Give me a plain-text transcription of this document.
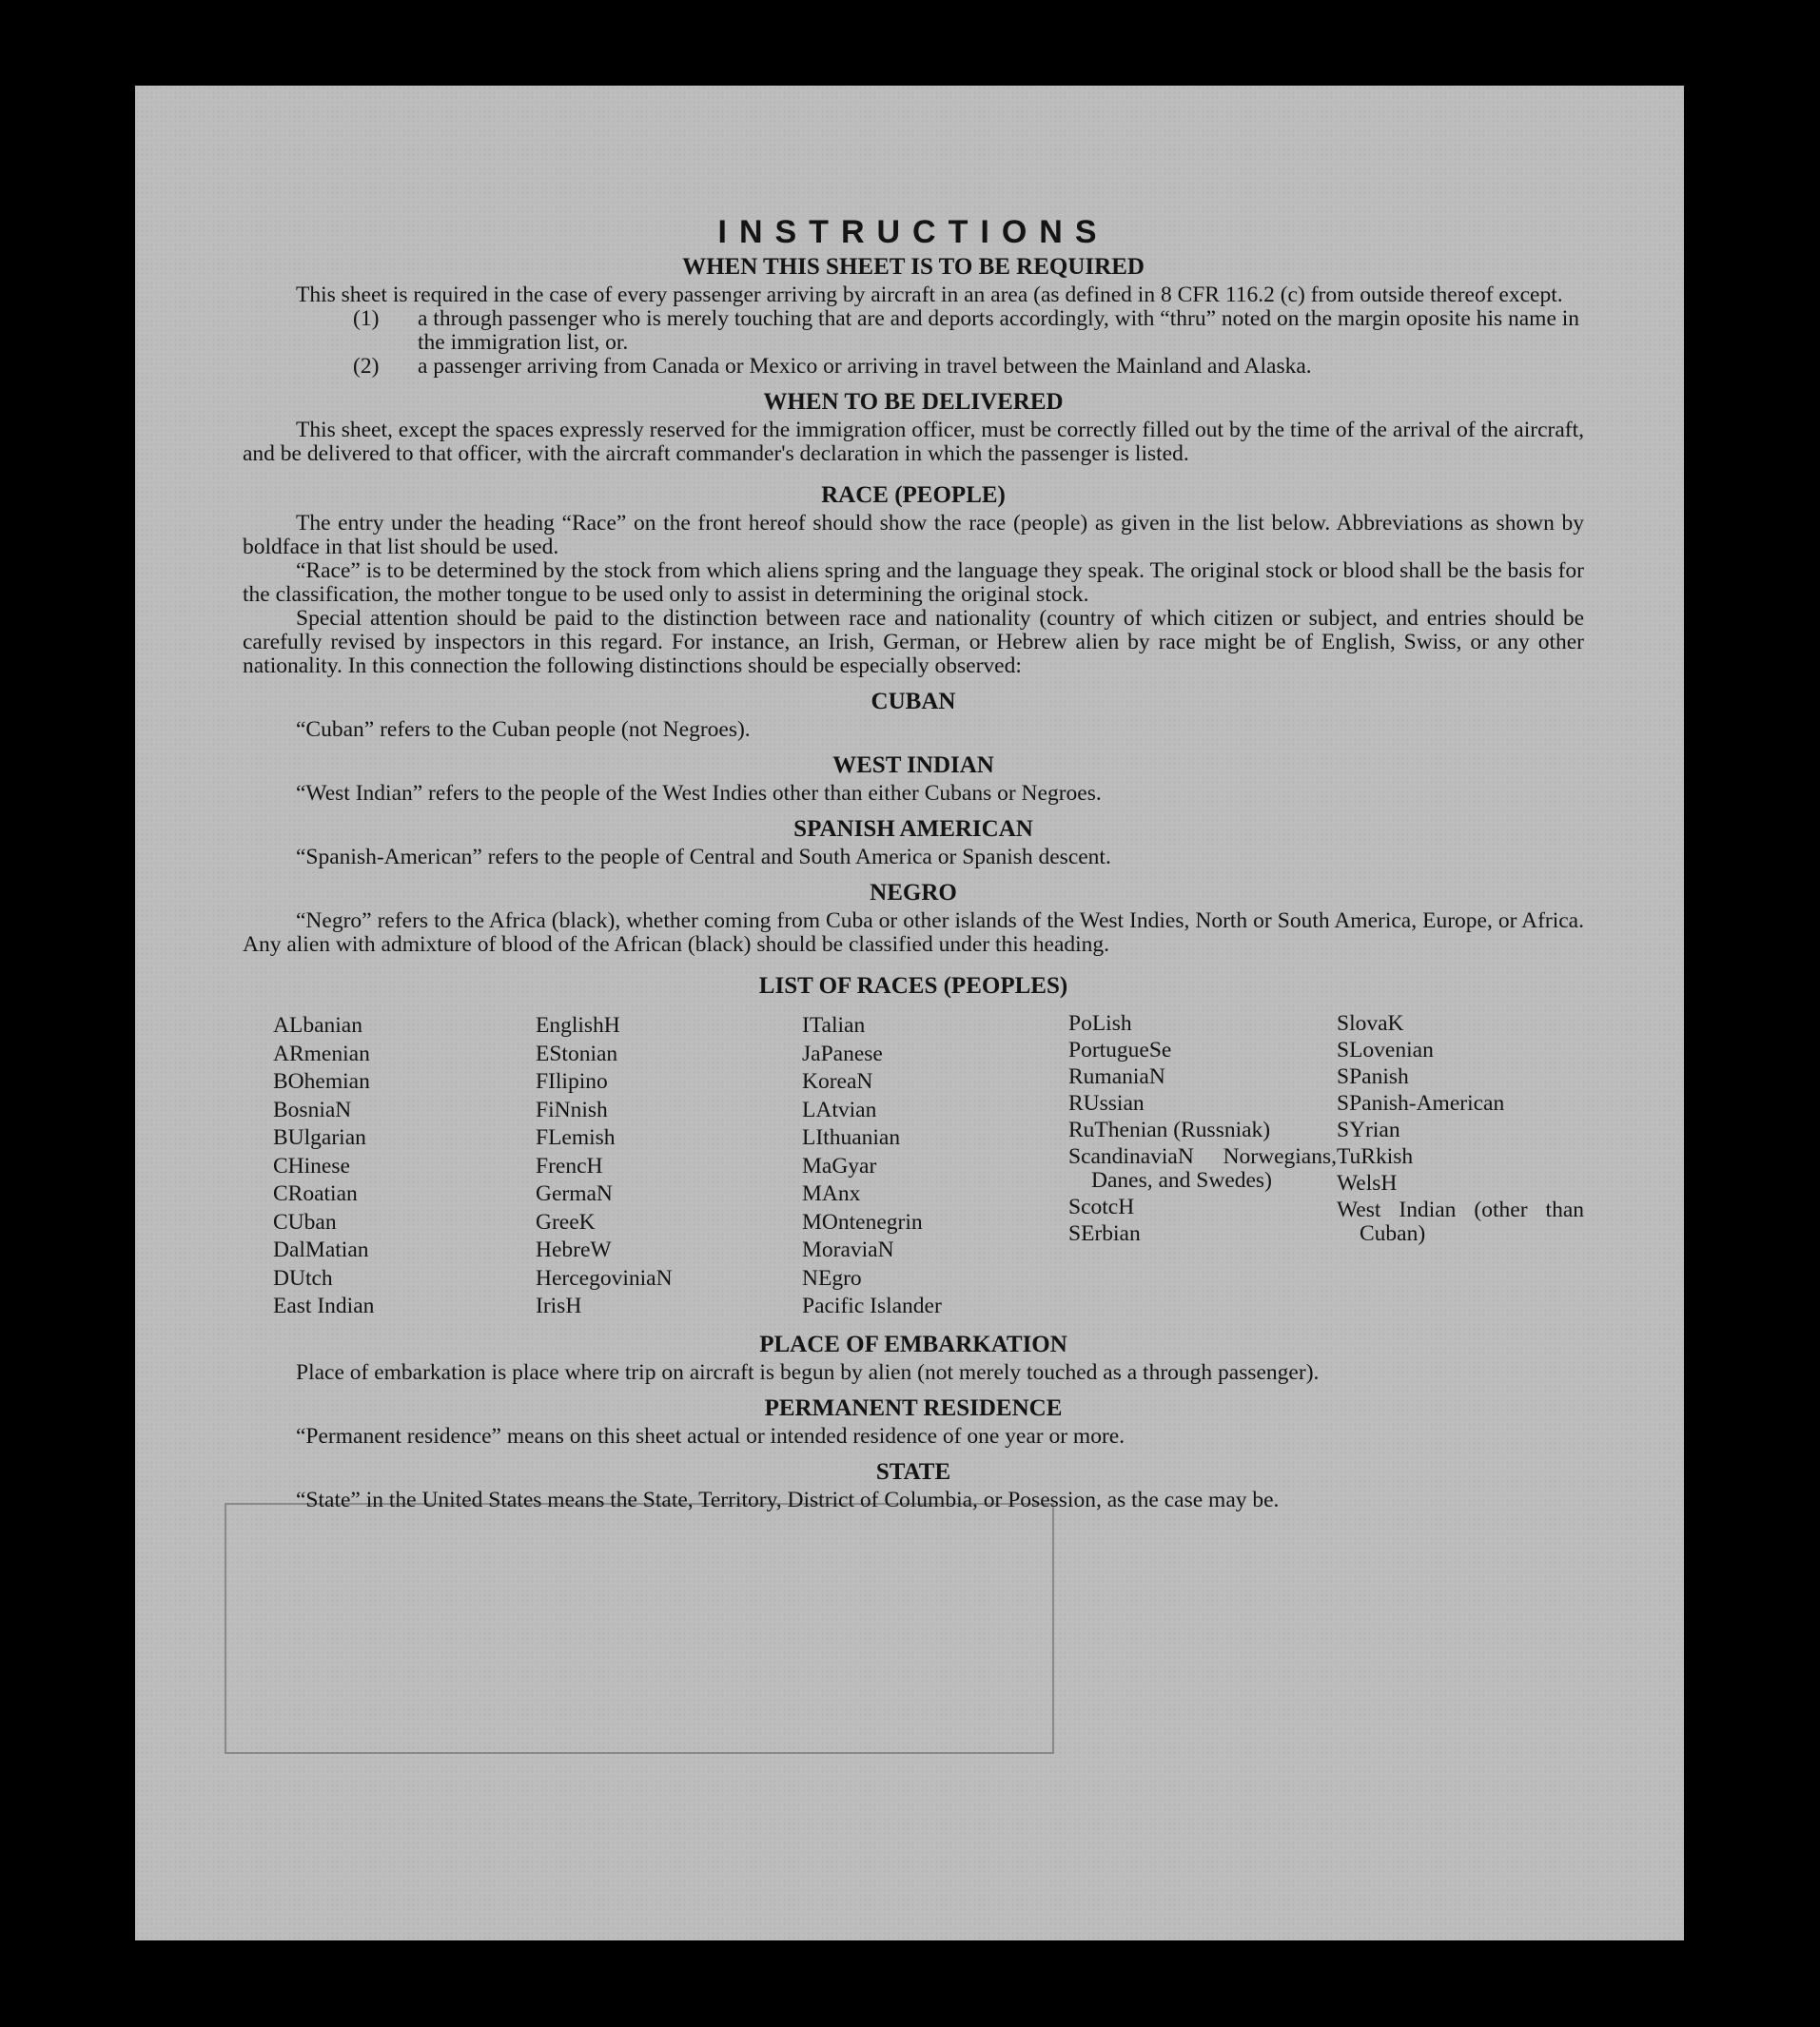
INSTRUCTIONS
WHEN THIS SHEET IS TO BE REQUIRED

This sheet is required in the case of every passenger arriving by aircraft in an area (as defined in 8 CFR 116.2 (c) from outside thereof except.

(1)	a through passenger who is merely touching that are and deports accordingly, with “thru” noted on the margin oposite his name in the immigration list, or.
(2)	a passenger arriving from Canada or Mexico or arriving in travel between the Mainland and Alaska.
WHEN TO BE DELIVERED

This sheet, except the spaces expressly reserved for the immigration officer, must be correctly filled out by the time of the arrival of the aircraft, and be delivered to that officer, with the aircraft commander's declaration in which the passenger is listed.

RACE (PEOPLE)

The entry under the heading “Race” on the front hereof should show the race (people) as given in the list below. Abbreviations as shown by boldface in that list should be used.

“Race” is to be determined by the stock from which aliens spring and the language they speak. The original stock or blood shall be the basis for the classification, the mother tongue to be used only to assist in determining the original stock.

Special attention should be paid to the distinction between race and nationality (country of which citizen or subject, and entries should be carefully revised by inspectors in this regard. For instance, an Irish, German, or Hebrew alien by race might be of English, Swiss, or any other nationality. In this connection the following distinctions should be especially observed:

CUBAN

“Cuban” refers to the Cuban people (not Negroes).

WEST INDIAN

“West Indian” refers to the people of the West Indies other than either Cubans or Negroes.

SPANISH AMERICAN

“Spanish-American” refers to the people of Central and South America or Spanish descent.

NEGRO

“Negro” refers to the Africa (black), whether coming from Cuba or other islands of the West Indies, North or South America, Europe, or Africa. Any alien with admixture of blood of the African (black) should be classified under this heading.

LIST OF RACES (PEOPLES)
ALbanian
ARmenian
BOhemian
BosniaN
BUlgarian
CHinese
CRoatian
CUban
DalMatian
DUtch
East Indian
EnglishH
EStonian
FIlipino
FiNnish
FLemish
FrencH
GermaN
GreeK
HebreW
HercegoviniaN
IrisH
ITalian
JaPanese
KoreaN
LAtvian
LIthuanian
MaGyar
MAnx
MOntenegrin
MoraviaN
NEgro
Pacific Islander
PoLish
PortugueSe
RumaniaN
RUssian
RuThenian (Russniak)
ScandinaviaN Norwegians, Danes, and Swedes)
ScotcH
SErbian
SlovaK
SLovenian
SPanish
SPanish-American
SYrian
TuRkish
WelsH
West Indian (other than Cuban)
PLACE OF EMBARKATION

Place of embarkation is place where trip on aircraft is begun by alien (not merely touched as a through passenger).

PERMANENT RESIDENCE

“Permanent residence” means on this sheet actual or intended residence of one year or more.

STATE

“State” in the United States means the State, Territory, District of Columbia, or Posession, as the case may be.
